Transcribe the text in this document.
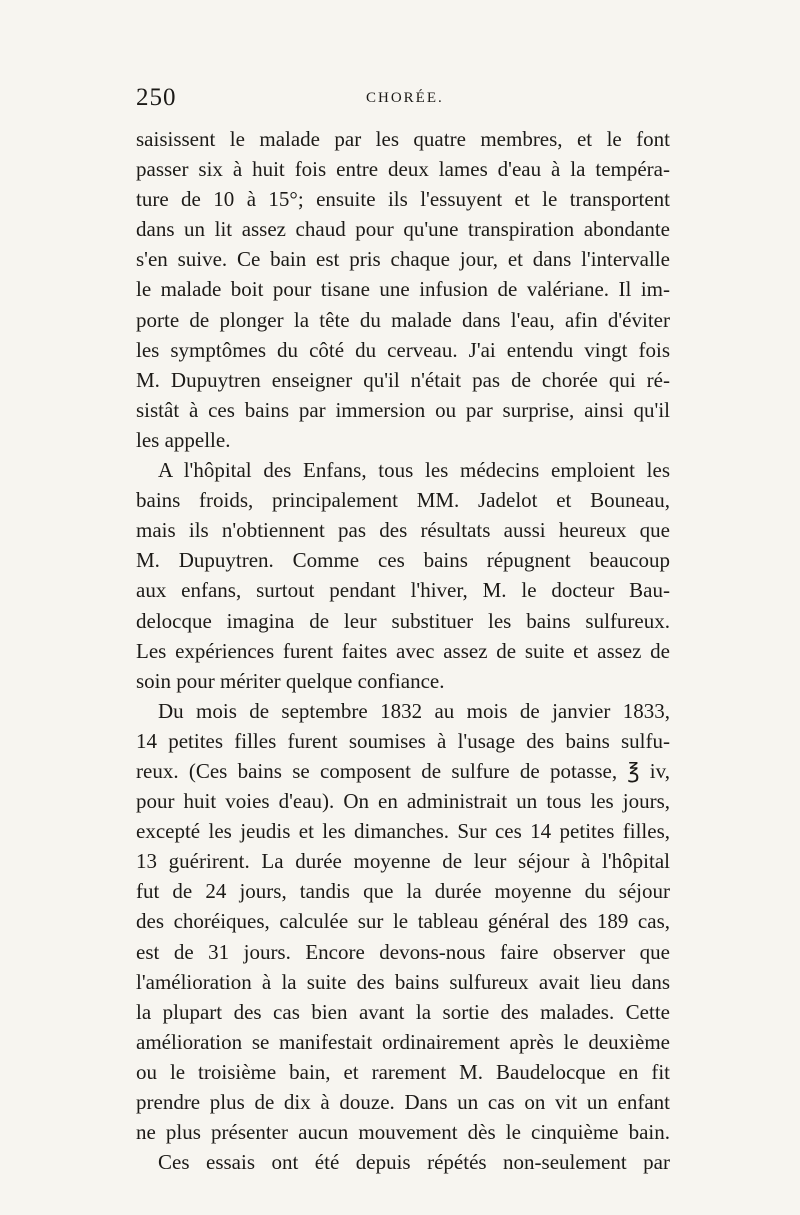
250	CHORÉE.
saisissent le malade par les quatre membres, et le font
passer six à huit fois entre deux lames d'eau à la tempéra-
ture de 10 à 15°; ensuite ils l'essuyent et le transportent
dans un lit assez chaud pour qu'une transpiration abondante
s'en suive. Ce bain est pris chaque jour, et dans l'intervalle
le malade boit pour tisane une infusion de valériane. Il im-
porte de plonger la tête du malade dans l'eau, afin d'éviter
les symptômes du côté du cerveau. J'ai entendu vingt fois
M. Dupuytren enseigner qu'il n'était pas de chorée qui ré-
sistât à ces bains par immersion ou par surprise, ainsi qu'il
les appelle.
A l'hôpital des Enfans, tous les médecins emploient les
bains froids, principalement MM. Jadelot et Bouneau,
mais ils n'obtiennent pas des résultats aussi heureux que
M. Dupuytren. Comme ces bains répugnent beaucoup
aux enfans, surtout pendant l'hiver, M. le docteur Bau-
delocque imagina de leur substituer les bains sulfureux.
Les expériences furent faites avec assez de suite et assez de
soin pour mériter quelque confiance.
Du mois de septembre 1832 au mois de janvier 1833,
14 petites filles furent soumises à l'usage des bains sulfu-
reux. (Ces bains se composent de sulfure de potasse, ℥ iv,
pour huit voies d'eau). On en administrait un tous les jours,
excepté les jeudis et les dimanches. Sur ces 14 petites filles,
13 guérirent. La durée moyenne de leur séjour à l'hôpital
fut de 24 jours, tandis que la durée moyenne du séjour
des choréiques, calculée sur le tableau général des 189 cas,
est de 31 jours. Encore devons-nous faire observer que
l'amélioration à la suite des bains sulfureux avait lieu dans
la plupart des cas bien avant la sortie des malades. Cette
amélioration se manifestait ordinairement après le deuxième
ou le troisième bain, et rarement M. Baudelocque en fit
prendre plus de dix à douze. Dans un cas on vit un enfant
ne plus présenter aucun mouvement dès le cinquième bain.
Ces essais ont été depuis répétés non-seulement par
